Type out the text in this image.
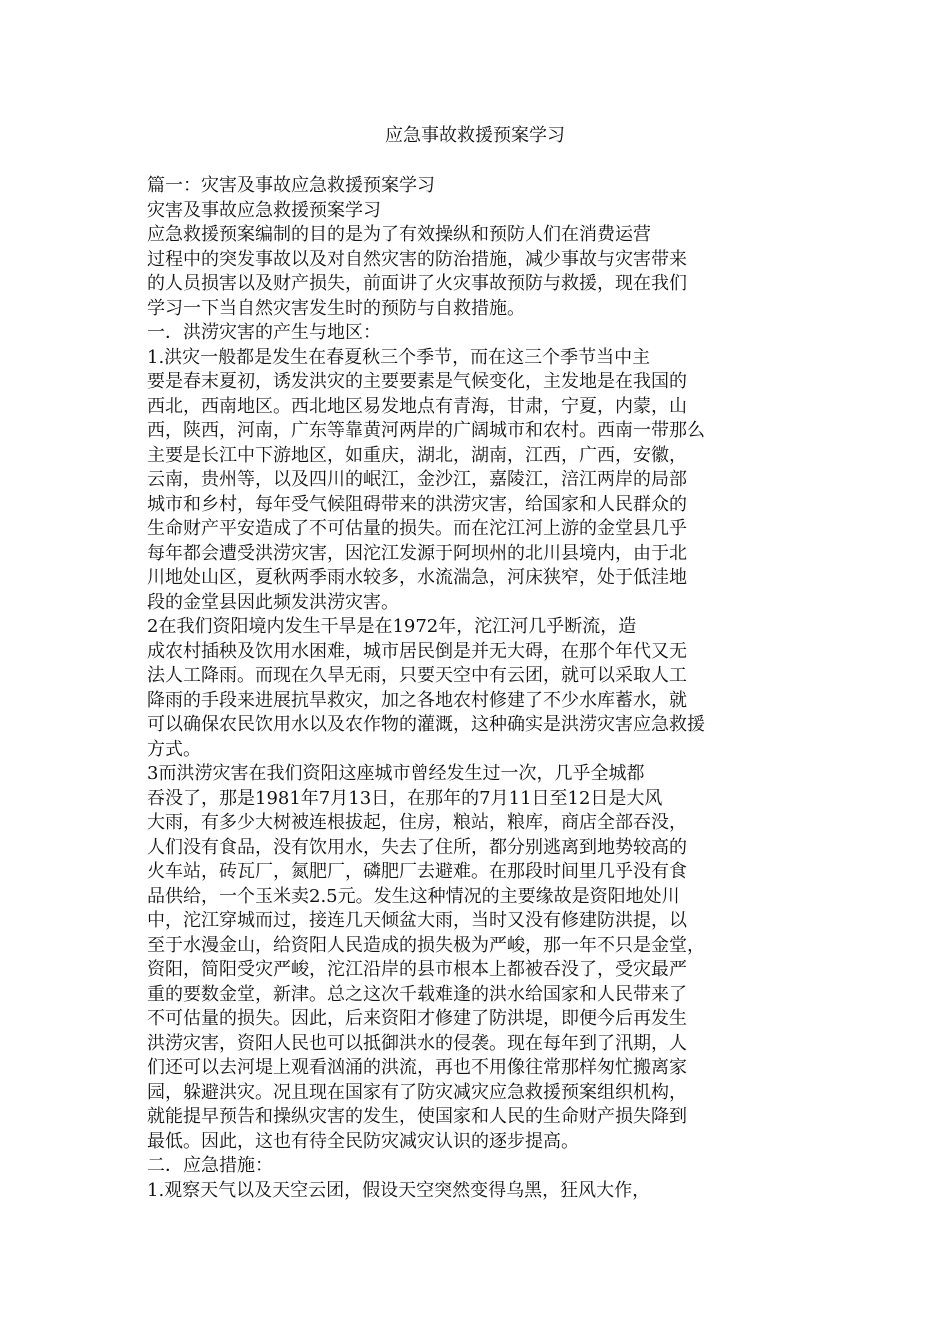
应急事故救援预案学习
篇一：灾害及事故应急救援预案学习
灾害及事故应急救援预案学习
应急救援预案编制的目的是为了有效操纵和预防人们在消费运营
过程中的突发事故以及对自然灾害的防治措施，减少事故与灾害带来
的人员损害以及财产损失，前面讲了火灾事故预防与救援，现在我们
学习一下当自然灾害发生时的预防与自救措施。
一．洪涝灾害的产生与地区：
1.洪灾一般都是发生在春夏秋三个季节，而在这三个季节当中主
要是春末夏初，诱发洪灾的主要要素是气候变化，主发地是在我国的
西北，西南地区。西北地区易发地点有青海，甘肃，宁夏，内蒙，山
西，陕西，河南，广东等靠黄河两岸的广阔城市和农村。西南一带那么
主要是长江中下游地区，如重庆，湖北，湖南，江西，广西，安徽，
云南，贵州等，以及四川的岷江，金沙江，嘉陵江，涪江两岸的局部
城市和乡村，每年受气候阻碍带来的洪涝灾害，给国家和人民群众的
生命财产平安造成了不可估量的损失。而在沱江河上游的金堂县几乎
每年都会遭受洪涝灾害，因沱江发源于阿坝州的北川县境内，由于北
川地处山区，夏秋两季雨水较多，水流湍急，河床狭窄，处于低洼地
段的金堂县因此频发洪涝灾害。
2在我们资阳境内发生干旱是在1972年，沱江河几乎断流，造
成农村插秧及饮用水困难，城市居民倒是并无大碍，在那个年代又无
法人工降雨。而现在久旱无雨，只要天空中有云团，就可以采取人工
降雨的手段来进展抗旱救灾，加之各地农村修建了不少水库蓄水，就
可以确保农民饮用水以及农作物的灌溉，这种确实是洪涝灾害应急救援
方式。
3而洪涝灾害在我们资阳这座城市曾经发生过一次，几乎全城都
吞没了，那是1981年7月13日，在那年的7月11日至12日是大风
大雨，有多少大树被连根拔起，住房，粮站，粮库，商店全部吞没，
人们没有食品，没有饮用水，失去了住所，都分别逃离到地势较高的
火车站，砖瓦厂，氮肥厂，磷肥厂去避难。在那段时间里几乎没有食
品供给，一个玉米卖2.5元。发生这种情况的主要缘故是资阳地处川
中，沱江穿城而过，接连几天倾盆大雨，当时又没有修建防洪提，以
至于水漫金山，给资阳人民造成的损失极为严峻，那一年不只是金堂，
资阳，简阳受灾严峻，沱江沿岸的县市根本上都被吞没了，受灾最严
重的要数金堂，新津。总之这次千载难逢的洪水给国家和人民带来了
不可估量的损失。因此，后来资阳才修建了防洪堤，即便今后再发生
洪涝灾害，资阳人民也可以抵御洪水的侵袭。现在每年到了汛期，人
们还可以去河堤上观看汹涌的洪流，再也不用像往常那样匆忙搬离家
园，躲避洪灾。况且现在国家有了防灾减灾应急救援预案组织机构，
就能提早预告和操纵灾害的发生，使国家和人民的生命财产损失降到
最低。因此，这也有待全民防灾减灾认识的逐步提高。
二．应急措施：
1.观察天气以及天空云团，假设天空突然变得乌黑，狂风大作，
